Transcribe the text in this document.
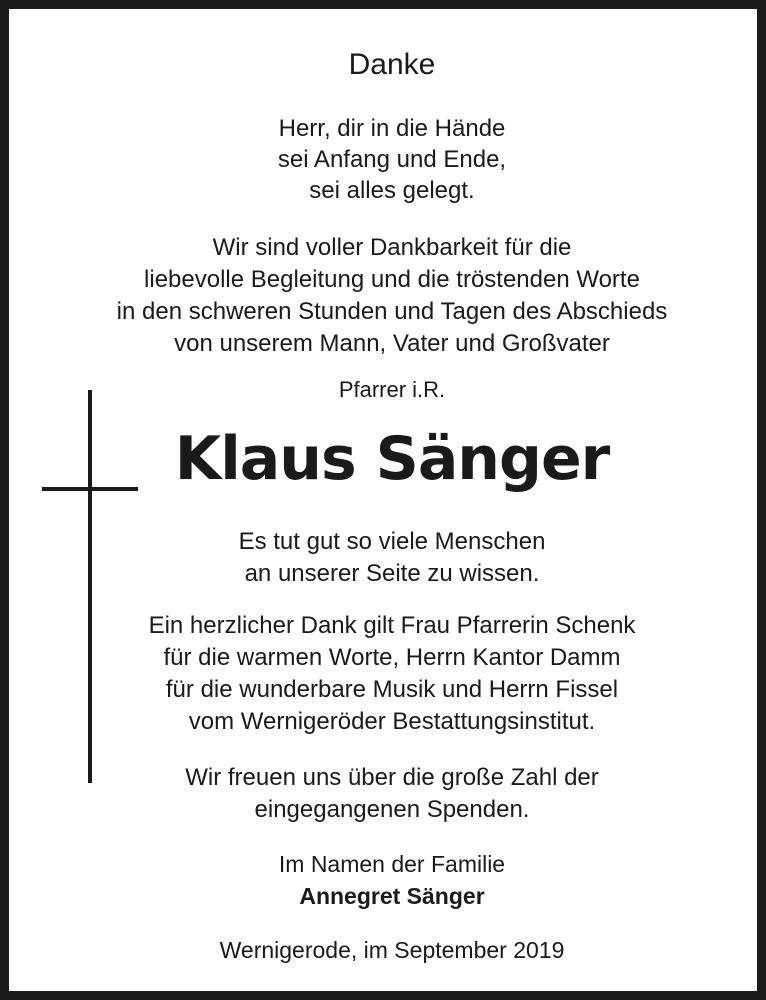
Danke
Herr, dir in die Hände
sei Anfang und Ende,
sei alles gelegt.
Wir sind voller Dankbarkeit für die
liebevolle Begleitung und die tröstenden Worte
in den schweren Stunden und Tagen des Abschieds
von unserem Mann, Vater und Großvater
Pfarrer i.R.
Klaus Sänger
Es tut gut so viele Menschen
an unserer Seite zu wissen.
Ein herzlicher Dank gilt Frau Pfarrerin Schenk
für die warmen Worte, Herrn Kantor Damm
für die wunderbare Musik und Herrn Fissel
vom Wernigeröder Bestattungsinstitut.
Wir freuen uns über die große Zahl der
eingegangenen Spenden.
Im Namen der Familie
Annegret Sänger
Wernigerode, im September 2019
